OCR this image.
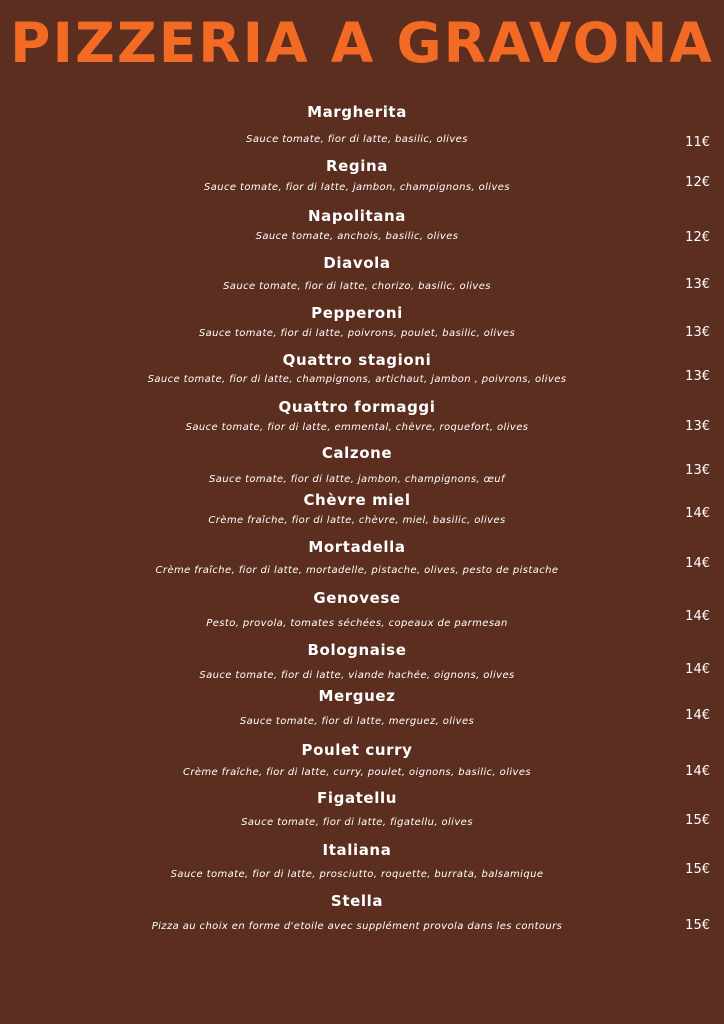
PIZZERIA A GRAVONA
Margherita
Sauce tomate, fior di latte, basilic, olives	11€
Regina
Sauce tomate, fior di latte, jambon, champignons, olives	12€
Napolitana
Sauce tomate, anchois, basilic, olives	12€
Diavola
Sauce tomate, fior di latte, chorizo, basilic, olives	13€
Pepperoni
Sauce tomate, fior di latte, poivrons, poulet, basilic, olives	13€
Quattro stagioni
Sauce tomate, fior di latte, champignons, artichaut, jambon , poivrons, olives	13€
Quattro formaggi
Sauce tomate, fior di latte, emmental, chèvre, roquefort, olives	13€
Calzone
Sauce tomate, fior di latte, jambon, champignons, œuf
13€
Chèvre miel
Crème fraîche, fior di latte, chèvre, miel, basilic, olives	14€
Mortadella
Crème fraîche, fior di latte, mortadelle, pistache, olives, pesto de pistache	14€
Genovese
Pesto, provola, tomates séchées, copeaux de parmesan	14€
Bolognaise
Sauce tomate, fior di latte, viande hachée, oignons, olives	14€
Merguez
Sauce tomate, fior di latte, merguez, olives	14€
Poulet curry
Crème fraîche, fior di latte, curry, poulet, oignons, basilic, olives	14€
Figatellu
Sauce tomate, fior di latte, figatellu, olives	15€
Italiana
Sauce tomate, fior di latte, prosciutto, roquette, burrata, balsamique	15€
Stella
Pizza au choix en forme d'etoile avec supplément provola dans les contours	15€
